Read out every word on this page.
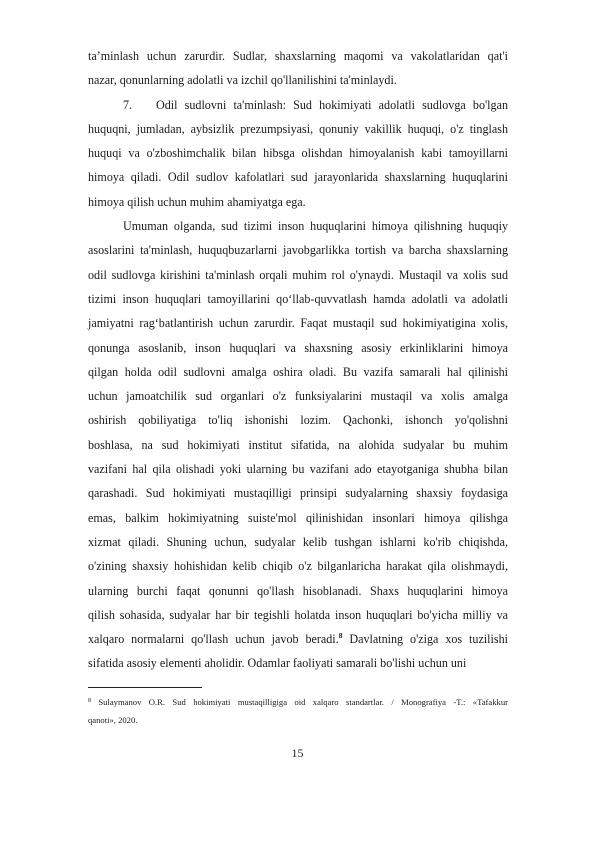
ta’minlash uchun zarurdir. Sudlar, shaxslarning maqomi va vakolatlaridan qat'i
nazar, qonunlarning adolatli va izchil qo'llanilishini ta'minlaydi.
7. Odil sudlovni ta'minlash: Sud hokimiyati adolatli sudlovga bo'lgan
huquqni, jumladan, aybsizlik prezumpsiyasi, qonuniy vakillik huquqi, o'z tinglash
huquqi va o'zboshimchalik bilan hibsga olishdan himoyalanish kabi tamoyillarni
himoya qiladi. Odil sudlov kafolatlari sud jarayonlarida shaxslarning huquqlarini
himoya qilish uchun muhim ahamiyatga ega.
Umuman olganda, sud tizimi inson huquqlarini himoya qilishning huquqiy
asoslarini ta'minlash, huquqbuzarlarni javobgarlikka tortish va barcha shaxslarning
odil sudlovga kirishini ta'minlash orqali muhim rol o'ynaydi. Mustaqil va xolis sud
tizimi inson huquqlari tamoyillarini qo‘llab-quvvatlash hamda adolatli va adolatli
jamiyatni rag‘batlantirish uchun zarurdir. Faqat mustaqil sud hokimiyatigina xolis,
qonunga asoslanib, inson huquqlari va shaxsning asosiy erkinliklarini himoya
qilgan holda odil sudlovni amalga oshira oladi. Bu vazifa samarali hal qilinishi
uchun jamoatchilik sud organlari o'z funksiyalarini mustaqil va xolis amalga
oshirish qobiliyatiga to'liq ishonishi lozim. Qachonki, ishonch yo'qolishni
boshlasa, na sud hokimiyati institut sifatida, na alohida sudyalar bu muhim
vazifani hal qila olishadi yoki ularning bu vazifani ado etayotganiga shubha bilan
qarashadi. Sud hokimiyati mustaqilligi prinsipi sudyalarning shaxsiy foydasiga
emas, balkim hokimiyatning suiste'mol qilinishidan insonlari himoya qilishga
xizmat qiladi. Shuning uchun, sudyalar kelib tushgan ishlarni ko'rib chiqishda,
o'zining shaxsiy hohishidan kelib chiqib o'z bilganlaricha harakat qila olishmaydi,
ularning burchi faqat qonunni qo'llash hisoblanadi. Shaxs huquqlarini himoya
qilish sohasida, sudyalar har bir tegishli holatda inson huquqlari bo'yicha milliy va
xalqaro normalarni qo'llash uchun javob beradi.$^8$ Davlatning o'ziga xos tuzilishi
sifatida asosiy elementi aholidir. Odamlar faoliyati samarali bo'lishi uchun uni
$^8$ Sulaymanov O.R. Sud hokimiyati mustaqilligiga oid xalqaro standartlar. / Monografiya -T.: «Tafakkur
qanoti», 2020.
15
